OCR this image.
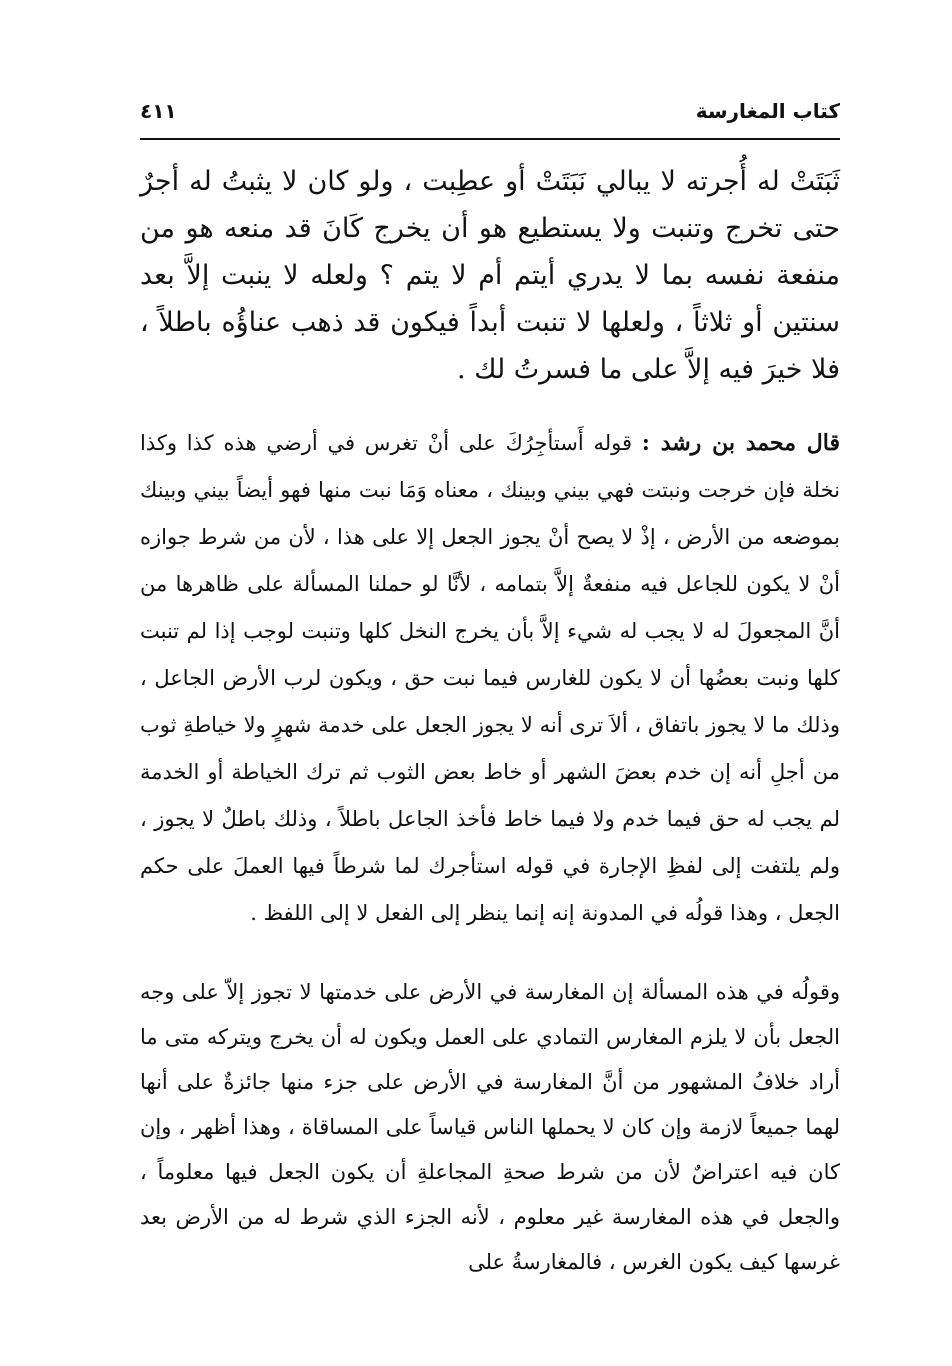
كتاب المغارسة
٤١١

ثَبَتَتْ له أُجرته لا يبالي نَبَتَتْ أو عطِبت ، ولو كان لا يثبتُ له أجرٌ حتى تخرج وتنبت ولا يستطيع هو أن يخرج كَانَ قد منعه هو من منفعة نفسه بما لا يدري أيتم أم لا يتم ؟ ولعله لا ينبت إلاَّ بعد سنتين أو ثلاثاً ، ولعلها لا تنبت أبداً فيكون قد ذهب عناؤُه باطلاً ، فلا خيرَ فيه إلاَّ على ما فسرتُ لك .

قال محمد بن رشد : قوله أَستأجِرُكَ على أنْ تغرس في أرضي هذه كذا وكذا نخلة فإن خرجت ونبتت فهي بيني وبينك ، معناه وَمَا نبت منها فهو أيضاً بيني وبينك بموضعه من الأرض ، إذْ لا يصح أنْ يجوز الجعل إلا على هذا ، لأن من شرط جوازه أنْ لا يكون للجاعل فيه منفعةٌ إلاَّ بتمامه ، لأنَّا لو حملنا المسألة على ظاهرها من أنَّ المجعولَ له لا يجب له شيء إلاَّ بأن يخرج النخل كلها وتنبت لوجب إذا لم تنبت كلها ونبت بعضُها أن لا يكون للغارس فيما نبت حق ، ويكون لرب الأرض الجاعل ، وذلك ما لا يجوز باتفاق ، ألاَ ترى أنه لا يجوز الجعل على خدمة شهرٍ ولا خياطةِ ثوب من أجلِ أنه إن خدم بعضَ الشهر أو خاط بعض الثوب ثم ترك الخياطة أو الخدمة لم يجب له حق فيما خدم ولا فيما خاط فأخذ الجاعل باطلاً ، وذلك باطلٌ لا يجوز ، ولم يلتفت إلى لفظِ الإجارة في قوله استأجرك لما شرطاً فيها العملَ على حكم الجعل ، وهذا قولُه في المدونة إنه إنما ينظر إلى الفعل لا إلى اللفظ .

وقولُه في هذه المسألة إن المغارسة في الأرض على خدمتها لا تجوز إلاّ على وجه الجعل بأن لا يلزم المغارس التمادي على العمل ويكون له أن يخرج ويتركه متى ما أراد خلافُ المشهور من أنَّ المغارسة في الأرض على جزء منها جائزةٌ على أنها لهما جميعاً لازمة وإن كان لا يحملها الناس قياساً على المساقاة ، وهذا أظهر ، وإن كان فيه اعتراضٌ لأن من شرط صحةِ المجاعلةِ أن يكون الجعل فيها معلوماً ، والجعل في هذه المغارسة غير معلوم ، لأنه الجزء الذي شرط له من الأرض بعد غرسها كيف يكون الغرس ، فالمغارسةُ على
